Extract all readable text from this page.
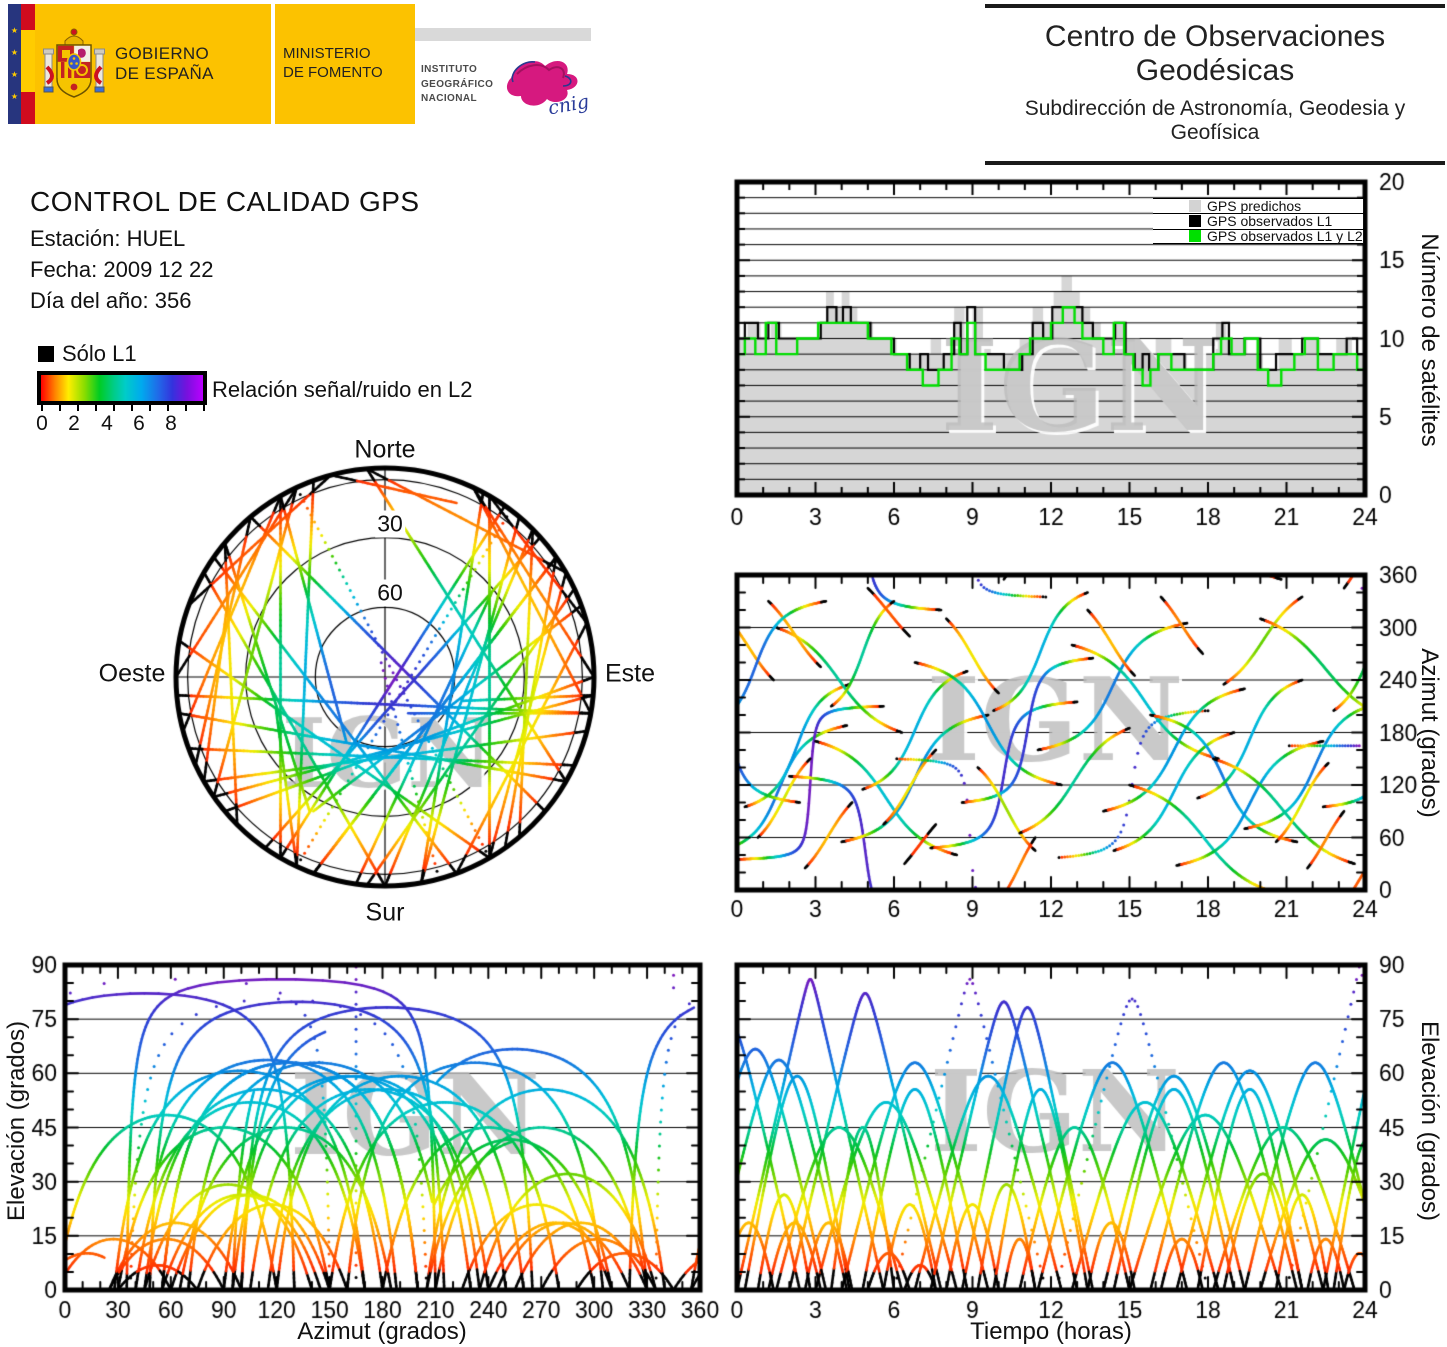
★
★
★
★
GOBIERNO
DE ESPAÑA
MINISTERIO
DE FOMENTO	INSTITUTO
GEOGRÁFICO
NACIONAL	cnig
Centro de Observaciones Geodésicas
Subdirección de Astronomía, Geodesia y Geofísica
CONTROL DE CALIDAD GPS
Estación: HUEL
Fecha: 2009 12 22
Día del año: 356
Sólo L1
0 2	4 6 8
Relación señal/ruido en L2
Norte
Sur
Este
Oeste
30
60
GPS predichos
GPS observados L1
GPS observados L1 y L2 Número de satélites
Azimut (grados)
Elevación (grados)
Elevación (grados)
Azimut (grados)	Tiempo (horas)
